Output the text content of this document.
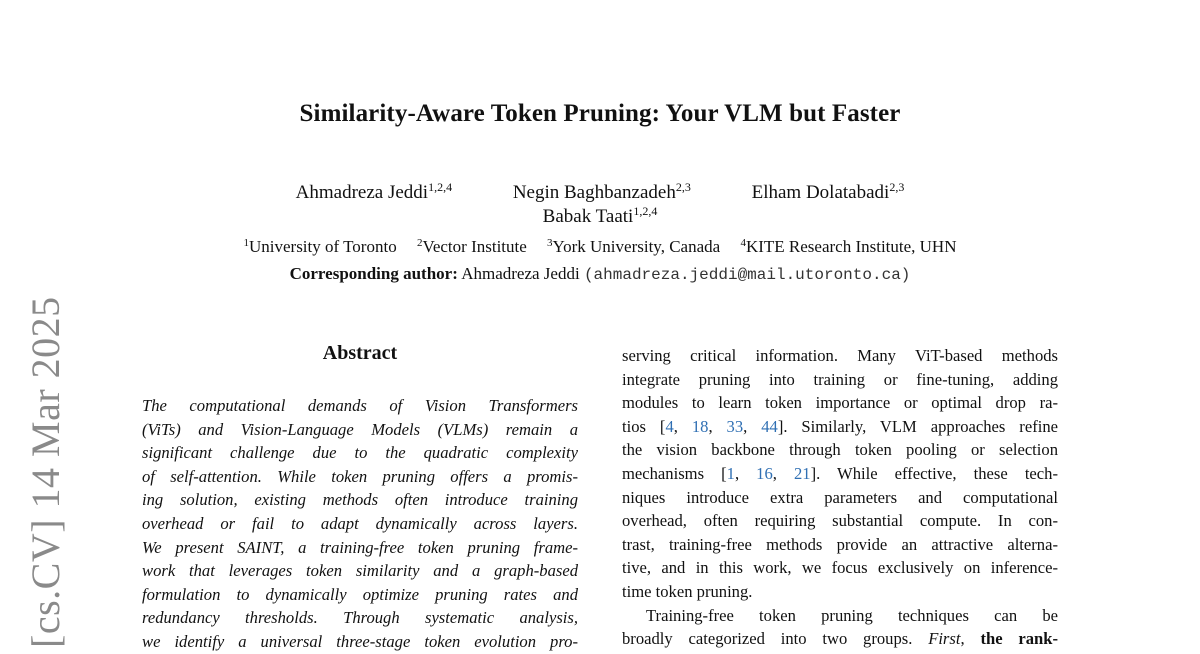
[cs.CV] 14 Mar 2025
Similarity-Aware Token Pruning: Your VLM but Faster
Ahmadreza Jeddi$^{1,2,4}$	Negin Baghbanzadeh$^{2,3}$	Elham Dolatabadi$^{2,3}$
Babak Taati$^{1,2,4}$
$^1$University of Toronto $^2$Vector Institute $^3$York University, Canada $^4$KITE Research Institute, UHN
Corresponding author: Ahmadreza Jeddi (ahmadreza.jeddi@mail.utoronto.ca)
Abstract
The computational demands of Vision Transformers
(ViTs) and Vision-Language Models (VLMs) remain a
significant challenge due to the quadratic complexity
of self-attention. While token pruning offers a promis-
ing solution, existing methods often introduce training
overhead or fail to adapt dynamically across layers.
We present SAINT, a training-free token pruning frame-
work that leverages token similarity and a graph-based
formulation to dynamically optimize pruning rates and
redundancy thresholds. Through systematic analysis,
we identify a universal three-stage token evolution pro-
serving critical information. Many ViT-based methods
integrate pruning into training or fine-tuning, adding
modules to learn token importance or optimal drop ra-
tios [4, 18, 33, 44]. Similarly, VLM approaches refine
the vision backbone through token pooling or selection
mechanisms [1, 16, 21]. While effective, these tech-
niques introduce extra parameters and computational
overhead, often requiring substantial compute. In con-
trast, training-free methods provide an attractive alterna-
tive, and in this work, we focus exclusively on inference-
time token pruning.
Training-free token pruning techniques can be
broadly categorized into two groups. First, the rank-
